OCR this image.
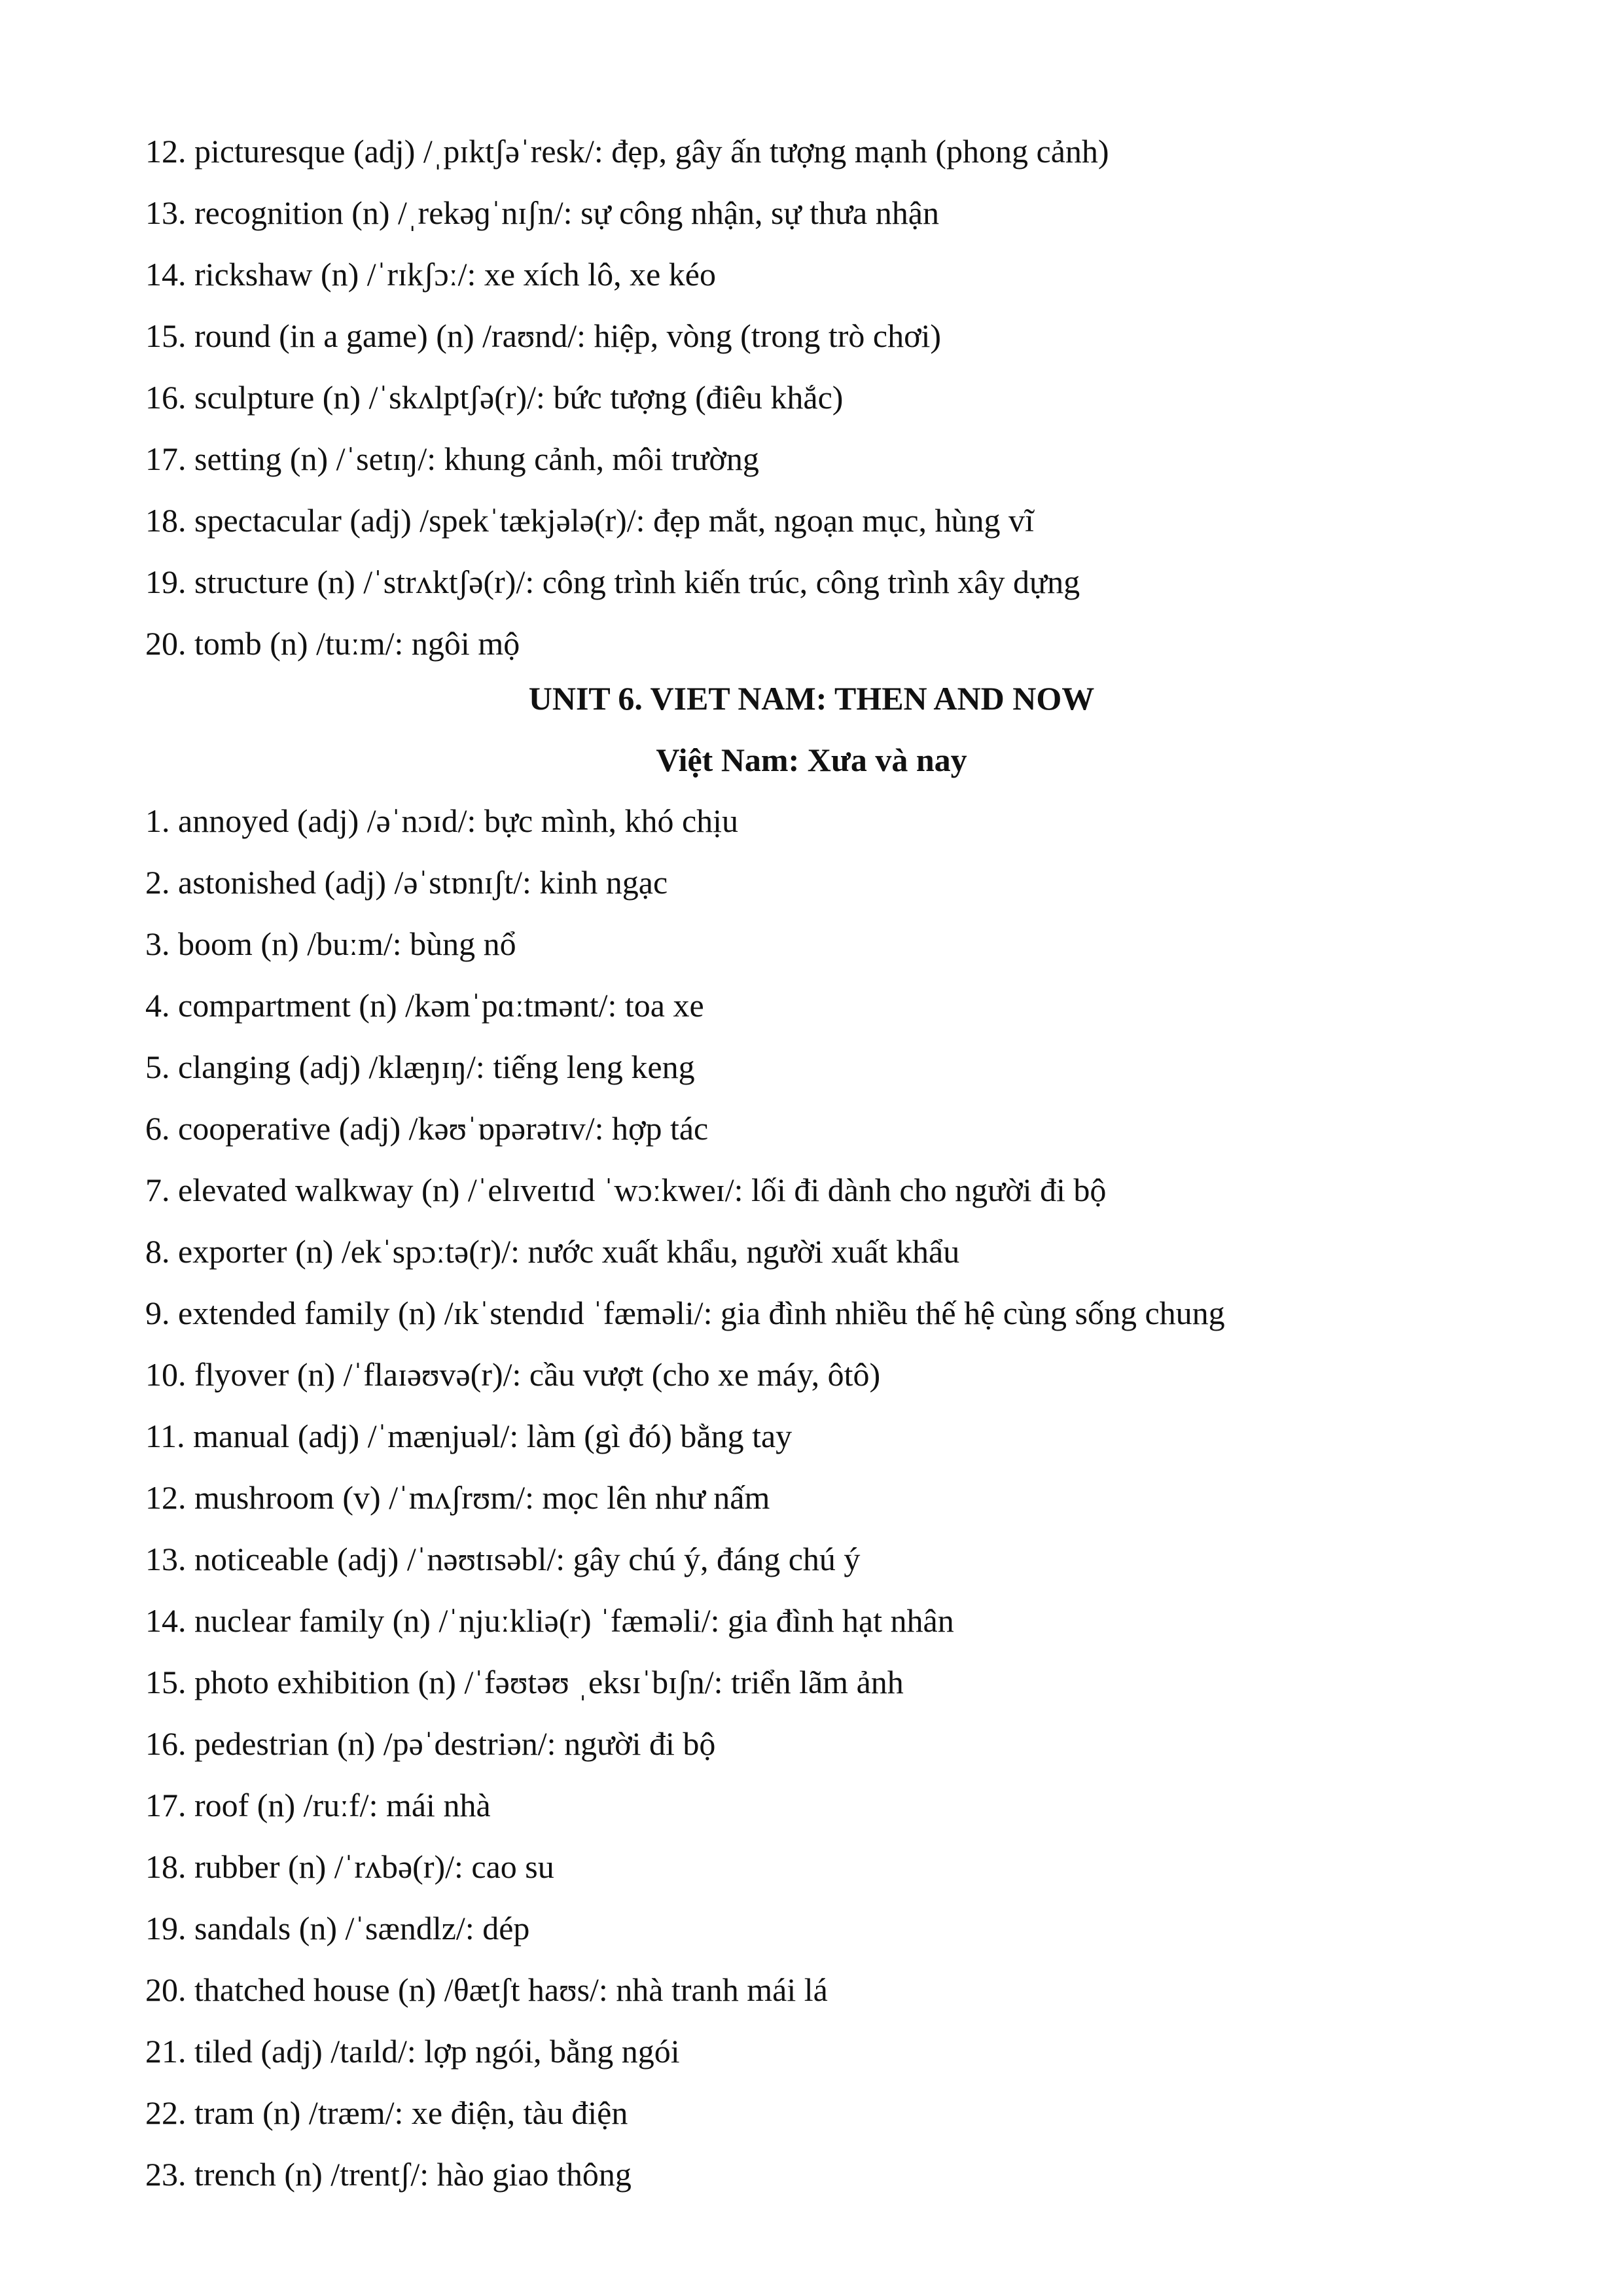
12. picturesque (adj) /ˌpɪktʃəˈresk/: đẹp, gây ấn tượng mạnh (phong cảnh)
13. recognition (n) /ˌrekəɡˈnɪʃn/: sự công nhận, sự thưa nhận
14. rickshaw (n) /ˈrɪkʃɔː/: xe xích lô, xe kéo
15. round (in a game) (n) /raʊnd/: hiệp, vòng (trong trò chơi)
16. sculpture (n) /ˈskʌlptʃə(r)/: bức tượng (điêu khắc)
17. setting (n) /ˈsetɪŋ/: khung cảnh, môi trường
18. spectacular (adj) /spekˈtækjələ(r)/: đẹp mắt, ngoạn mục, hùng vĩ
19. structure (n) /ˈstrʌktʃə(r)/: công trình kiến trúc, công trình xây dựng
20. tomb (n) /tuːm/: ngôi mộ
UNIT 6. VIET NAM: THEN AND NOW
Việt Nam: Xưa và nay
1. annoyed (adj) /əˈnɔɪd/: bực mình, khó chịu
2. astonished (adj) /əˈstɒnɪʃt/: kinh ngạc
3. boom (n) /buːm/: bùng nổ
4. compartment (n) /kəmˈpɑːtmənt/: toa xe
5. clanging (adj) /klæŋɪŋ/: tiếng leng keng
6. cooperative (adj) /kəʊˈɒpərətɪv/: hợp tác
7. elevated walkway (n) /ˈelɪveɪtɪd ˈwɔːkweɪ/: lối đi dành cho người đi bộ
8. exporter (n) /ekˈspɔːtə(r)/: nước xuất khẩu, người xuất khẩu
9. extended family (n) /ɪkˈstendɪd ˈfæməli/: gia đình nhiều thế hệ cùng sống chung
10. flyover (n) /ˈflaɪəʊvə(r)/: cầu vượt (cho xe máy, ôtô)
11. manual (adj) /ˈmænjuəl/: làm (gì đó) bằng tay
12. mushroom (v) /ˈmʌʃrʊm/: mọc lên như nấm
13. noticeable (adj) /ˈnəʊtɪsəbl/: gây chú ý, đáng chú ý
14. nuclear family (n) /ˈnjuːkliə(r) ˈfæməli/: gia đình hạt nhân
15. photo exhibition (n) /ˈfəʊtəʊ ˌeksɪˈbɪʃn/: triển lãm ảnh
16. pedestrian (n) /pəˈdestriən/: người đi bộ
17. roof (n) /ruːf/: mái nhà
18. rubber (n) /ˈrʌbə(r)/: cao su
19. sandals (n) /ˈsændlz/: dép
20. thatched house (n) /θætʃt haʊs/: nhà tranh mái lá
21. tiled (adj) /taɪld/: lợp ngói, bằng ngói
22. tram (n) /træm/: xe điện, tàu điện
23. trench (n) /trentʃ/: hào giao thông
